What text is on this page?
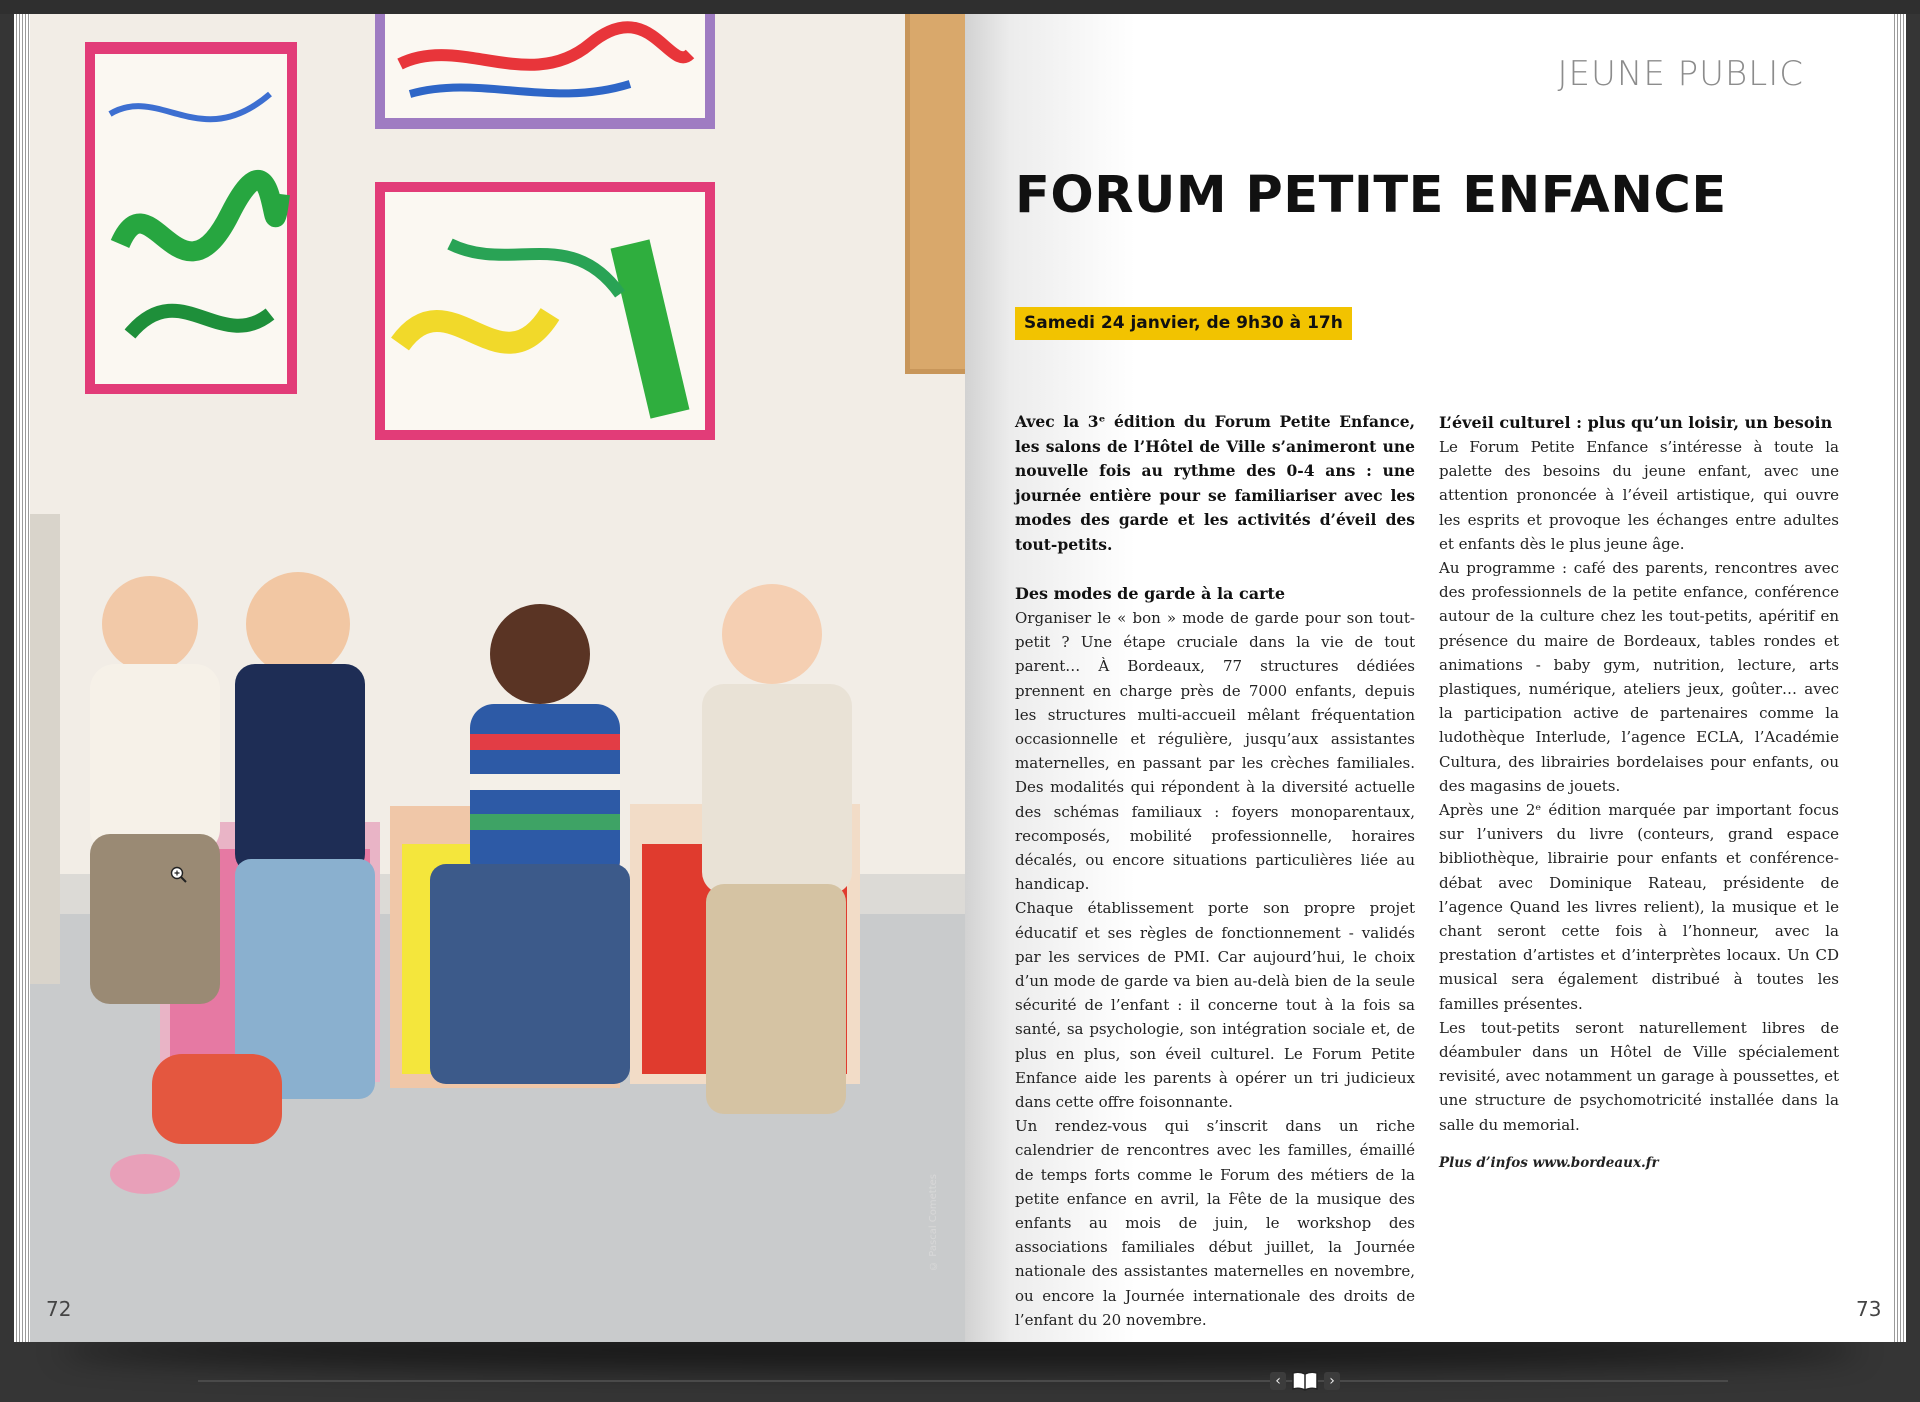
© Pascal Comettes
72
JEUNE PUBLIC
FORUM PETITE ENFANCE
Samedi 24 janvier, de 9h30 à 17h

Avec la 3ᵉ édition du Forum Petite Enfance, les salons de l’Hôtel de Ville s’animeront une nouvelle fois au rythme des 0-4 ans : une journée entière pour se familiariser avec les modes des garde et les activités d’éveil des tout-petits.

Des modes de garde à la carte

Organiser le « bon » mode de garde pour son tout-petit ? Une étape cruciale dans la vie de tout parent… À Bordeaux, 77 structures dédiées prennent en charge près de 7000 enfants, depuis les structures multi-accueil mêlant fréquentation occasionnelle et régulière, jusqu’aux assistantes maternelles, en passant par les crèches familiales. Des modalités qui répondent à la diversité actuelle des schémas familiaux : foyers monoparentaux, recomposés, mobilité professionnelle, horaires décalés, ou encore situations particulières liée au handicap.

Chaque établissement porte son propre projet éducatif et ses règles de fonctionnement - validés par les services de PMI. Car aujourd’hui, le choix d’un mode de garde va bien au-delà bien de la seule sécurité de l’enfant : il concerne tout à la fois sa santé, sa psychologie, son intégration sociale et, de plus en plus, son éveil culturel. Le Forum Petite Enfance aide les parents à opérer un tri judicieux dans cette offre foisonnante.

Un rendez-vous qui s’inscrit dans un riche calendrier de rencontres avec les familles, émaillé de temps forts comme le Forum des métiers de la petite enfance en avril, la Fête de la musique des enfants au mois de juin, le workshop des associations familiales début juillet, la Journée nationale des assistantes maternelles en novembre, ou encore la Journée internationale des droits de l’enfant du 20 novembre.

L’éveil culturel : plus qu’un loisir, un besoin

Le Forum Petite Enfance s’intéresse à toute la palette des besoins du jeune enfant, avec une attention prononcée à l’éveil artistique, qui ouvre les esprits et provoque les échanges entre adultes et enfants dès le plus jeune âge.

Au programme : café des parents, rencontres avec des professionnels de la petite enfance, conférence autour de la culture chez les tout-petits, apéritif en présence du maire de Bordeaux, tables rondes et animations - baby gym, nutrition, lecture, arts plastiques, numérique, ateliers jeux, goûter… avec la participation active de partenaires comme la ludothèque Interlude, l’agence ECLA, l’Académie Cultura, des librairies bordelaises pour enfants, ou des magasins de jouets.

Après une 2ᵉ édition marquée par important focus sur l’univers du livre (conteurs, grand espace bibliothèque, librairie pour enfants et conférence-débat avec Dominique Rateau, présidente de l’agence Quand les livres relient), la musique et le chant seront cette fois à l’honneur, avec la prestation d’artistes et d’interprètes locaux. Un CD musical sera également distribué à toutes les familles présentes.

Les tout-petits seront naturellement libres de déambuler dans un Hôtel de Ville spécialement revisité, avec notamment un garage à poussettes, et une structure de psychomotricité installée dans la salle du memorial.

Plus d’infos www.bordeaux.fr

73
‹	›
